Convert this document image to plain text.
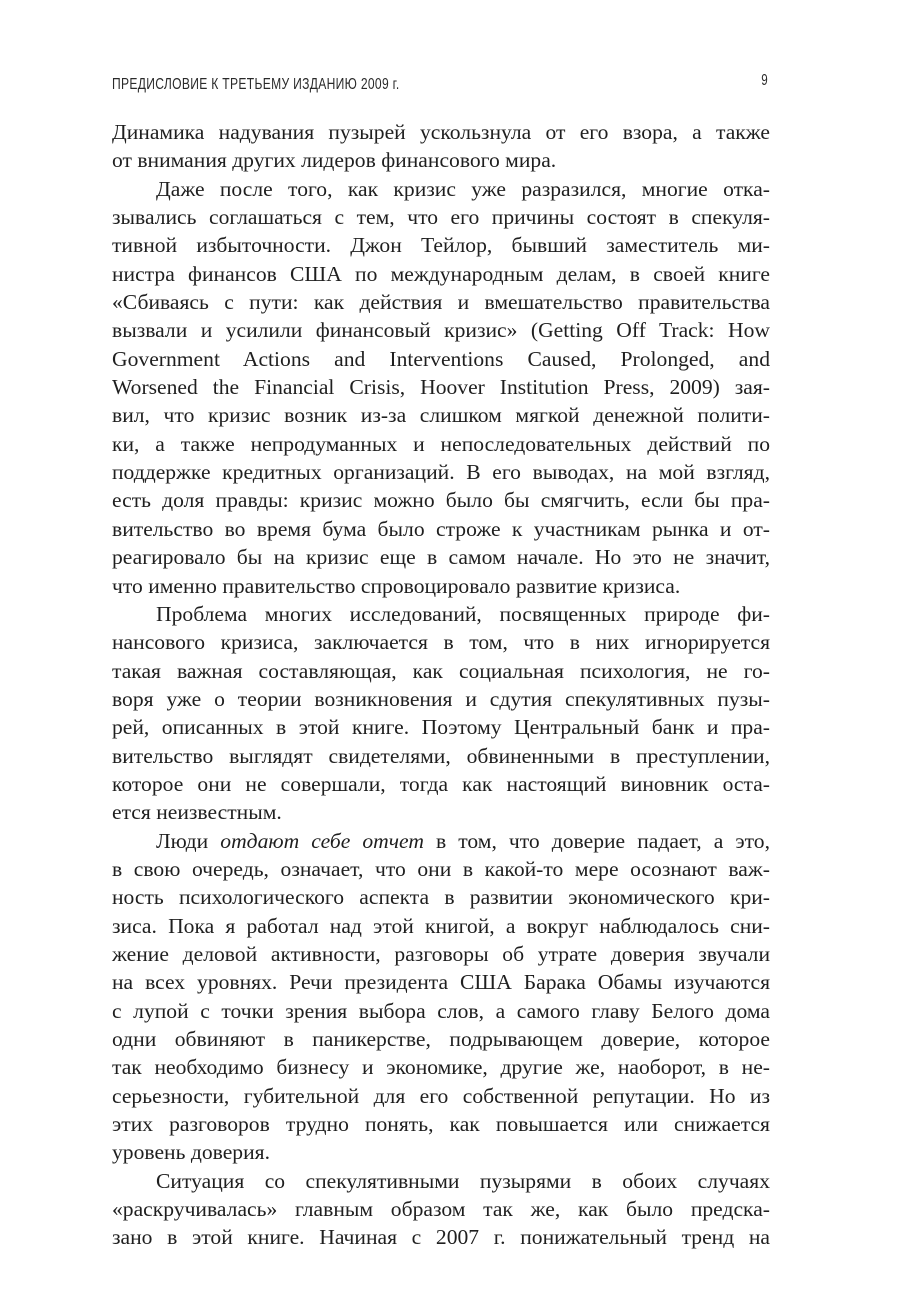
ПРЕДИСЛОВИЕ К ТРЕТЬЕМУ ИЗДАНИЮ 2009 г.	9
Динамика надувания пузырей ускользнула от его взора, а также
от внимания других лидеров финансового мира.
Даже после того, как кризис уже разразился, многие отка-
зывались соглашаться с тем, что его причины состоят в спекуля-
тивной избыточности. Джон Тейлор, бывший заместитель ми-
нистра финансов США по международным делам, в своей книге
«Сбиваясь с пути: как действия и вмешательство правительства
вызвали и усилили финансовый кризис» (Getting Off Track: How
Government Actions and Interventions Caused, Prolonged, and
Worsened the Financial Crisis, Hoover Institution Press, 2009) зая-
вил, что кризис возник из-за слишком мягкой денежной полити-
ки, а также непродуманных и непоследовательных действий по
поддержке кредитных организаций. В его выводах, на мой взгляд,
есть доля правды: кризис можно было бы смягчить, если бы пра-
вительство во время бума было строже к участникам рынка и от-
реагировало бы на кризис еще в самом начале. Но это не значит,
что именно правительство спровоцировало развитие кризиса.
Проблема многих исследований, посвященных природе фи-
нансового кризиса, заключается в том, что в них игнорируется
такая важная составляющая, как социальная психология, не го-
воря уже о теории возникновения и сдутия спекулятивных пузы-
рей, описанных в этой книге. Поэтому Центральный банк и пра-
вительство выглядят свидетелями, обвиненными в преступлении,
которое они не совершали, тогда как настоящий виновник оста-
ется неизвестным.
Люди отдают себе отчет в том, что доверие падает, а это,
в свою очередь, означает, что они в какой-то мере осознают важ-
ность психологического аспекта в развитии экономического кри-
зиса. Пока я работал над этой книгой, а вокруг наблюдалось сни-
жение деловой активности, разговоры об утрате доверия звучали
на всех уровнях. Речи президента США Барака Обамы изучаются
с лупой с точки зрения выбора слов, а самого главу Белого дома
одни обвиняют в паникерстве, подрывающем доверие, которое
так необходимо бизнесу и экономике, другие же, наоборот, в не-
серьезности, губительной для его собственной репутации. Но из
этих разговоров трудно понять, как повышается или снижается
уровень доверия.
Ситуация со спекулятивными пузырями в обоих случаях
«раскручивалась» главным образом так же, как было предска-
зано в этой книге. Начиная с 2007 г. понижательный тренд на
